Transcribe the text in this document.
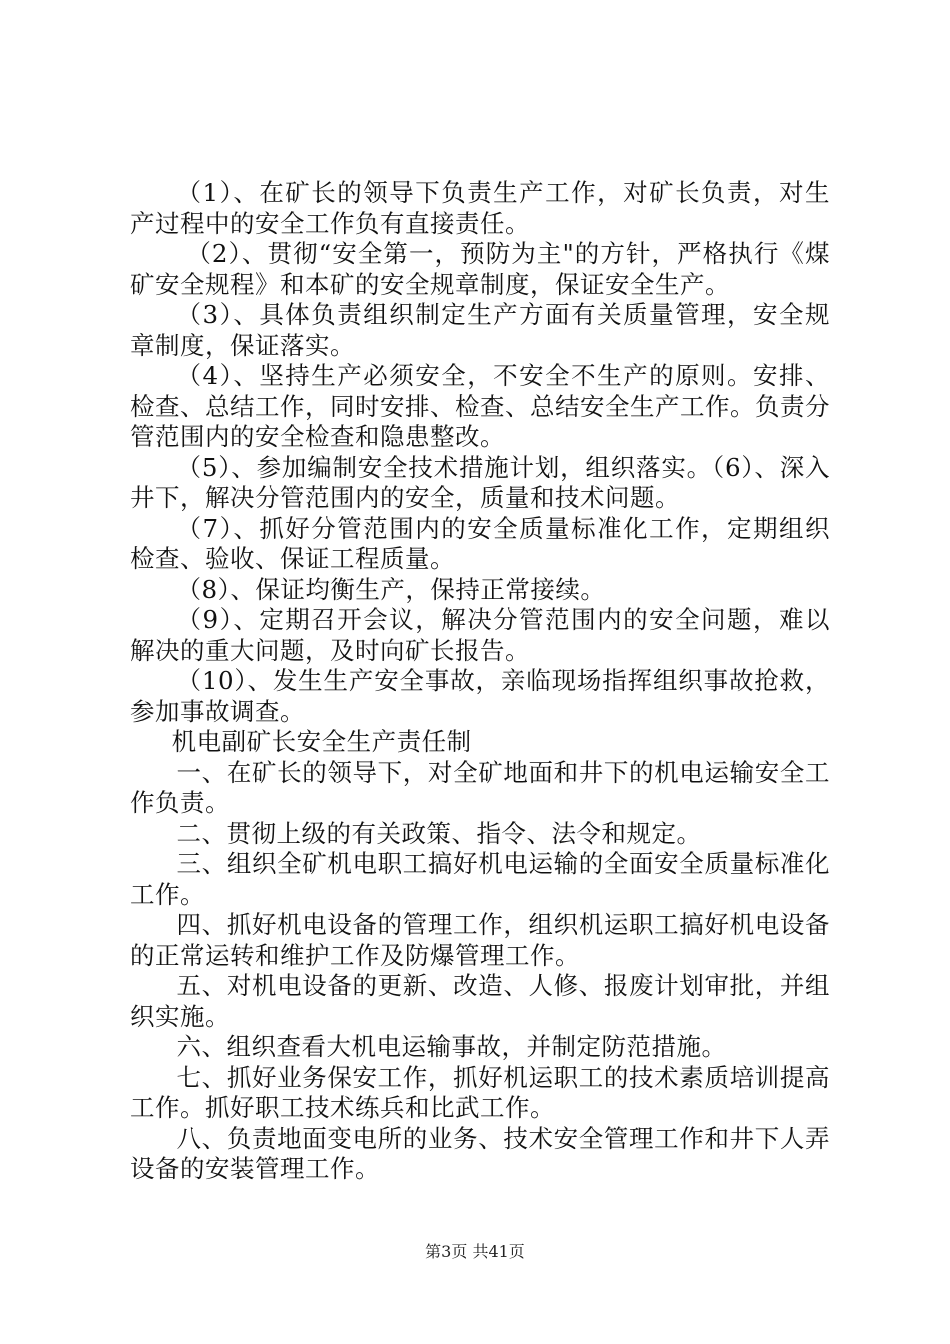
（1）、在矿长的领导下负责生产工作，对矿长负责，对生产过程中的安全工作负有直接责任。

（2）、贯彻“安全第一，预防为主"的方针，严格执行《煤矿安全规程》和本矿的安全规章制度，保证安全生产。

（3）、具体负责组织制定生产方面有关质量管理，安全规章制度，保证落实。

（4）、坚持生产必须安全，不安全不生产的原则。安排、检查、总结工作，同时安排、检查、总结安全生产工作。负责分管范围内的安全检查和隐患整改。

（5）、参加编制安全技术措施计划，组织落实。（6）、深入井下，解决分管范围内的安全，质量和技术问题。

（7）、抓好分管范围内的安全质量标准化工作，定期组织检查、验收、保证工程质量。

（8）、保证均衡生产，保持正常接续。

（9）、定期召开会议，解决分管范围内的安全问题，难以解决的重大问题，及时向矿长报告。

（10）、发生生产安全事故，亲临现场指挥组织事故抢救，参加事故调查。

机电副矿长安全生产责任制

一、在矿长的领导下，对全矿地面和井下的机电运输安全工作负责。

二、贯彻上级的有关政策、指令、法令和规定。

三、组织全矿机电职工搞好机电运输的全面安全质量标准化工作。

四、抓好机电设备的管理工作，组织机运职工搞好机电设备的正常运转和维护工作及防爆管理工作。

五、对机电设备的更新、改造、人修、报废计划审批，并组织实施。

六、组织查看大机电运输事故，并制定防范措施。

七、抓好业务保安工作，抓好机运职工的技术素质培训提高工作。抓好职工技术练兵和比武工作。

八、负责地面变电所的业务、技术安全管理工作和井下人弄设备的安装管理工作。

第3页 共41页
